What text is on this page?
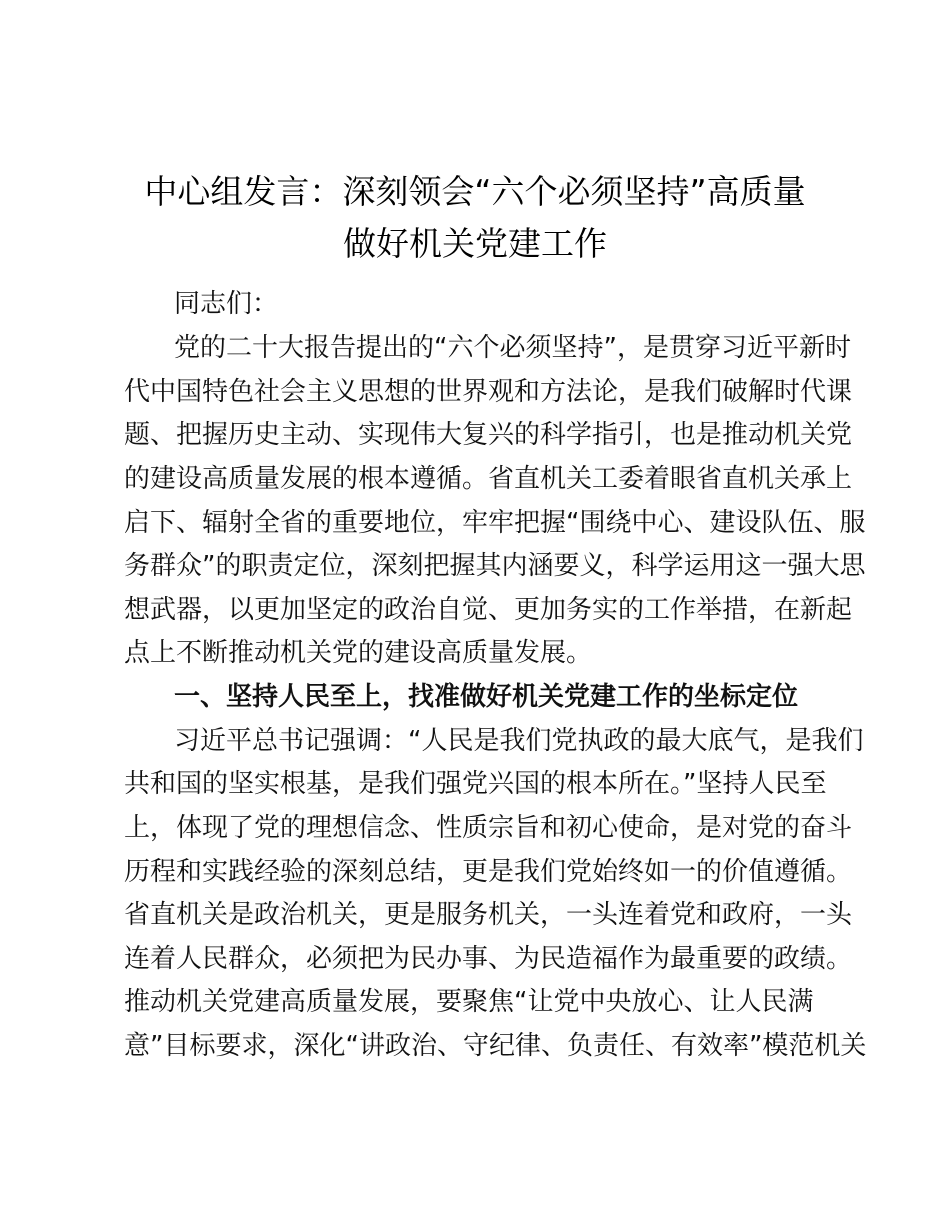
中心组发言：深刻领会“六个必须坚持”高质量
做好机关党建工作
同志们：
党的二十大报告提出的“六个必须坚持”，是贯穿习近平新时
代中国特色社会主义思想的世界观和方法论，是我们破解时代课
题、把握历史主动、实现伟大复兴的科学指引，也是推动机关党
的建设高质量发展的根本遵循。省直机关工委着眼省直机关承上
启下、辐射全省的重要地位，牢牢把握“围绕中心、建设队伍、服
务群众”的职责定位，深刻把握其内涵要义，科学运用这一强大思
想武器，以更加坚定的政治自觉、更加务实的工作举措，在新起
点上不断推动机关党的建设高质量发展。
一、坚持人民至上，找准做好机关党建工作的坐标定位
习近平总书记强调：“人民是我们党执政的最大底气，是我们
共和国的坚实根基，是我们强党兴国的根本所在。”坚持人民至
上，体现了党的理想信念、性质宗旨和初心使命，是对党的奋斗
历程和实践经验的深刻总结，更是我们党始终如一的价值遵循。
省直机关是政治机关，更是服务机关，一头连着党和政府，一头
连着人民群众，必须把为民办事、为民造福作为最重要的政绩。
推动机关党建高质量发展，要聚焦“让党中央放心、让人民满
意”目标要求，深化“讲政治、守纪律、负责任、有效率”模范机关
